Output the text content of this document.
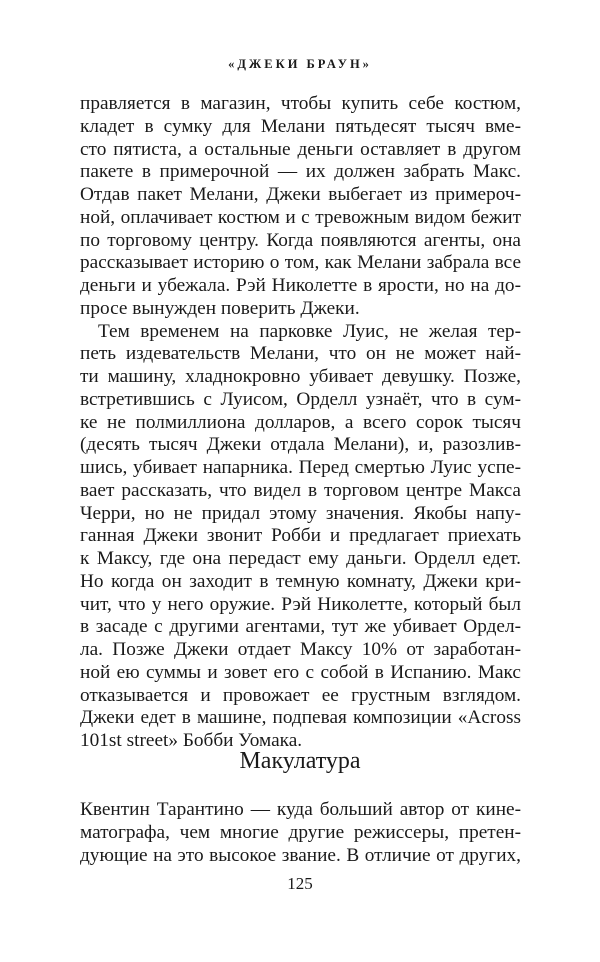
«ДЖЕКИ БРАУН»
правляется в магазин, чтобы купить себе костюм,
кладет в сумку для Мелани пятьдесят тысяч вме-
сто пятиста, а остальные деньги оставляет в другом
пакете в примерочной — их должен забрать Макс.
Отдав пакет Мелани, Джеки выбегает из примероч-
ной, оплачивает костюм и с тревожным видом бежит
по торговому центру. Когда появляются агенты, она
рассказывает историю о том, как Мелани забрала все
деньги и убежала. Рэй Николетте в ярости, но на до-
просе вынужден поверить Джеки.
Тем временем на парковке Луис, не желая тер-
петь издевательств Мелани, что он не может най-
ти машину, хладнокровно убивает девушку. Позже,
встретившись с Луисом, Орделл узнаёт, что в сум-
ке не полмиллиона долларов, а всего сорок тысяч
(десять тысяч Джеки отдала Мелани), и, разозлив-
шись, убивает напарника. Перед смертью Луис успе-
вает рассказать, что видел в торговом центре Макса
Черри, но не придал этому значения. Якобы напу-
ганная Джеки звонит Робби и предлагает приехать
к Максу, где она передаст ему даньги. Орделл едет.
Но когда он заходит в темную комнату, Джеки кри-
чит, что у него оружие. Рэй Николетте, который был
в засаде с другими агентами, тут же убивает Ордел-
ла. Позже Джеки отдает Максу 10% от заработан-
ной ею суммы и зовет его с собой в Испанию. Макс
отказывается и провожает ее грустным взглядом.
Джеки едет в машине, подпевая композиции «Across
101st street» Бобби Уомака.
Макулатура
Квентин Тарантино — куда больший автор от кине-
матографа, чем многие другие режиссеры, претен-
дующие на это высокое звание. В отличие от других,
125
